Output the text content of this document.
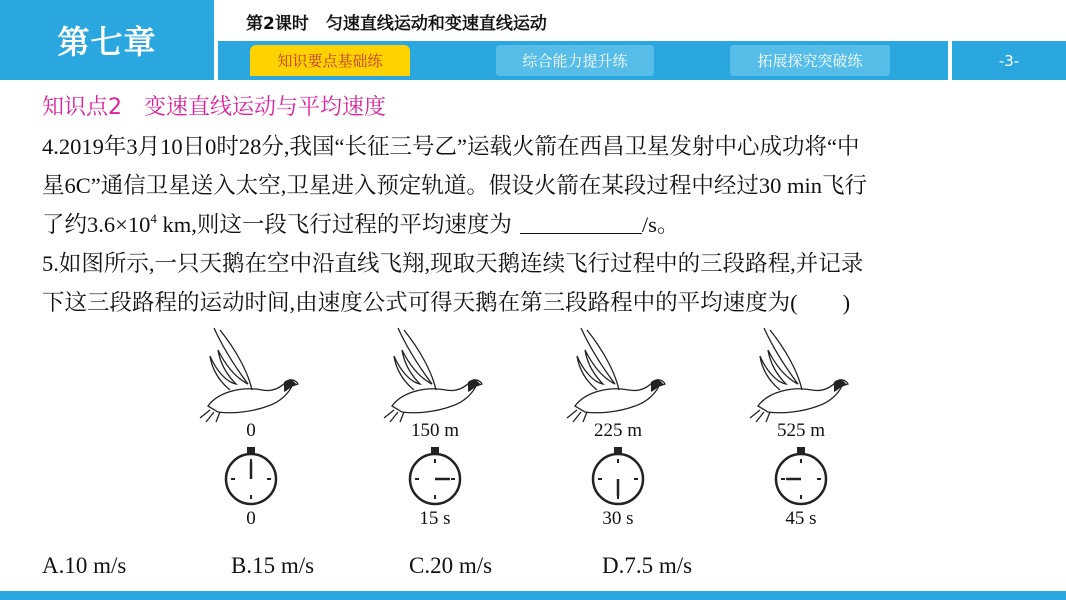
第七章	第2课时　匀速直线运动和变速直线运动
知识要点基础练	综合能力提升练	拓展探究突破练	-3-
知识点2　变速直线运动与平均速度
4.2019年3月10日0时28分,我国“长征三号乙”运载火箭在西昌卫星发射中心成功将“中
星6C”通信卫星送入太空,卫星进入预定轨道。假设火箭在某段过程中经过30 min飞行
了约$3.6\times 10^4$ km,则这一段飞行过程的平均速度为	/s。
5.如图所示,一只天鹅在空中沿直线飞翔,现取天鹅连续飞行过程中的三段路程,并记录
下这三段路程的运动时间,由速度公式可得天鹅在第三段路程中的平均速度为(　　)
0
0
150 m
15 s
225 m
30 s
525 m
45 s
A.10 m/s	B.15 m/s	C.20 m/s	D.7.5 m/s
